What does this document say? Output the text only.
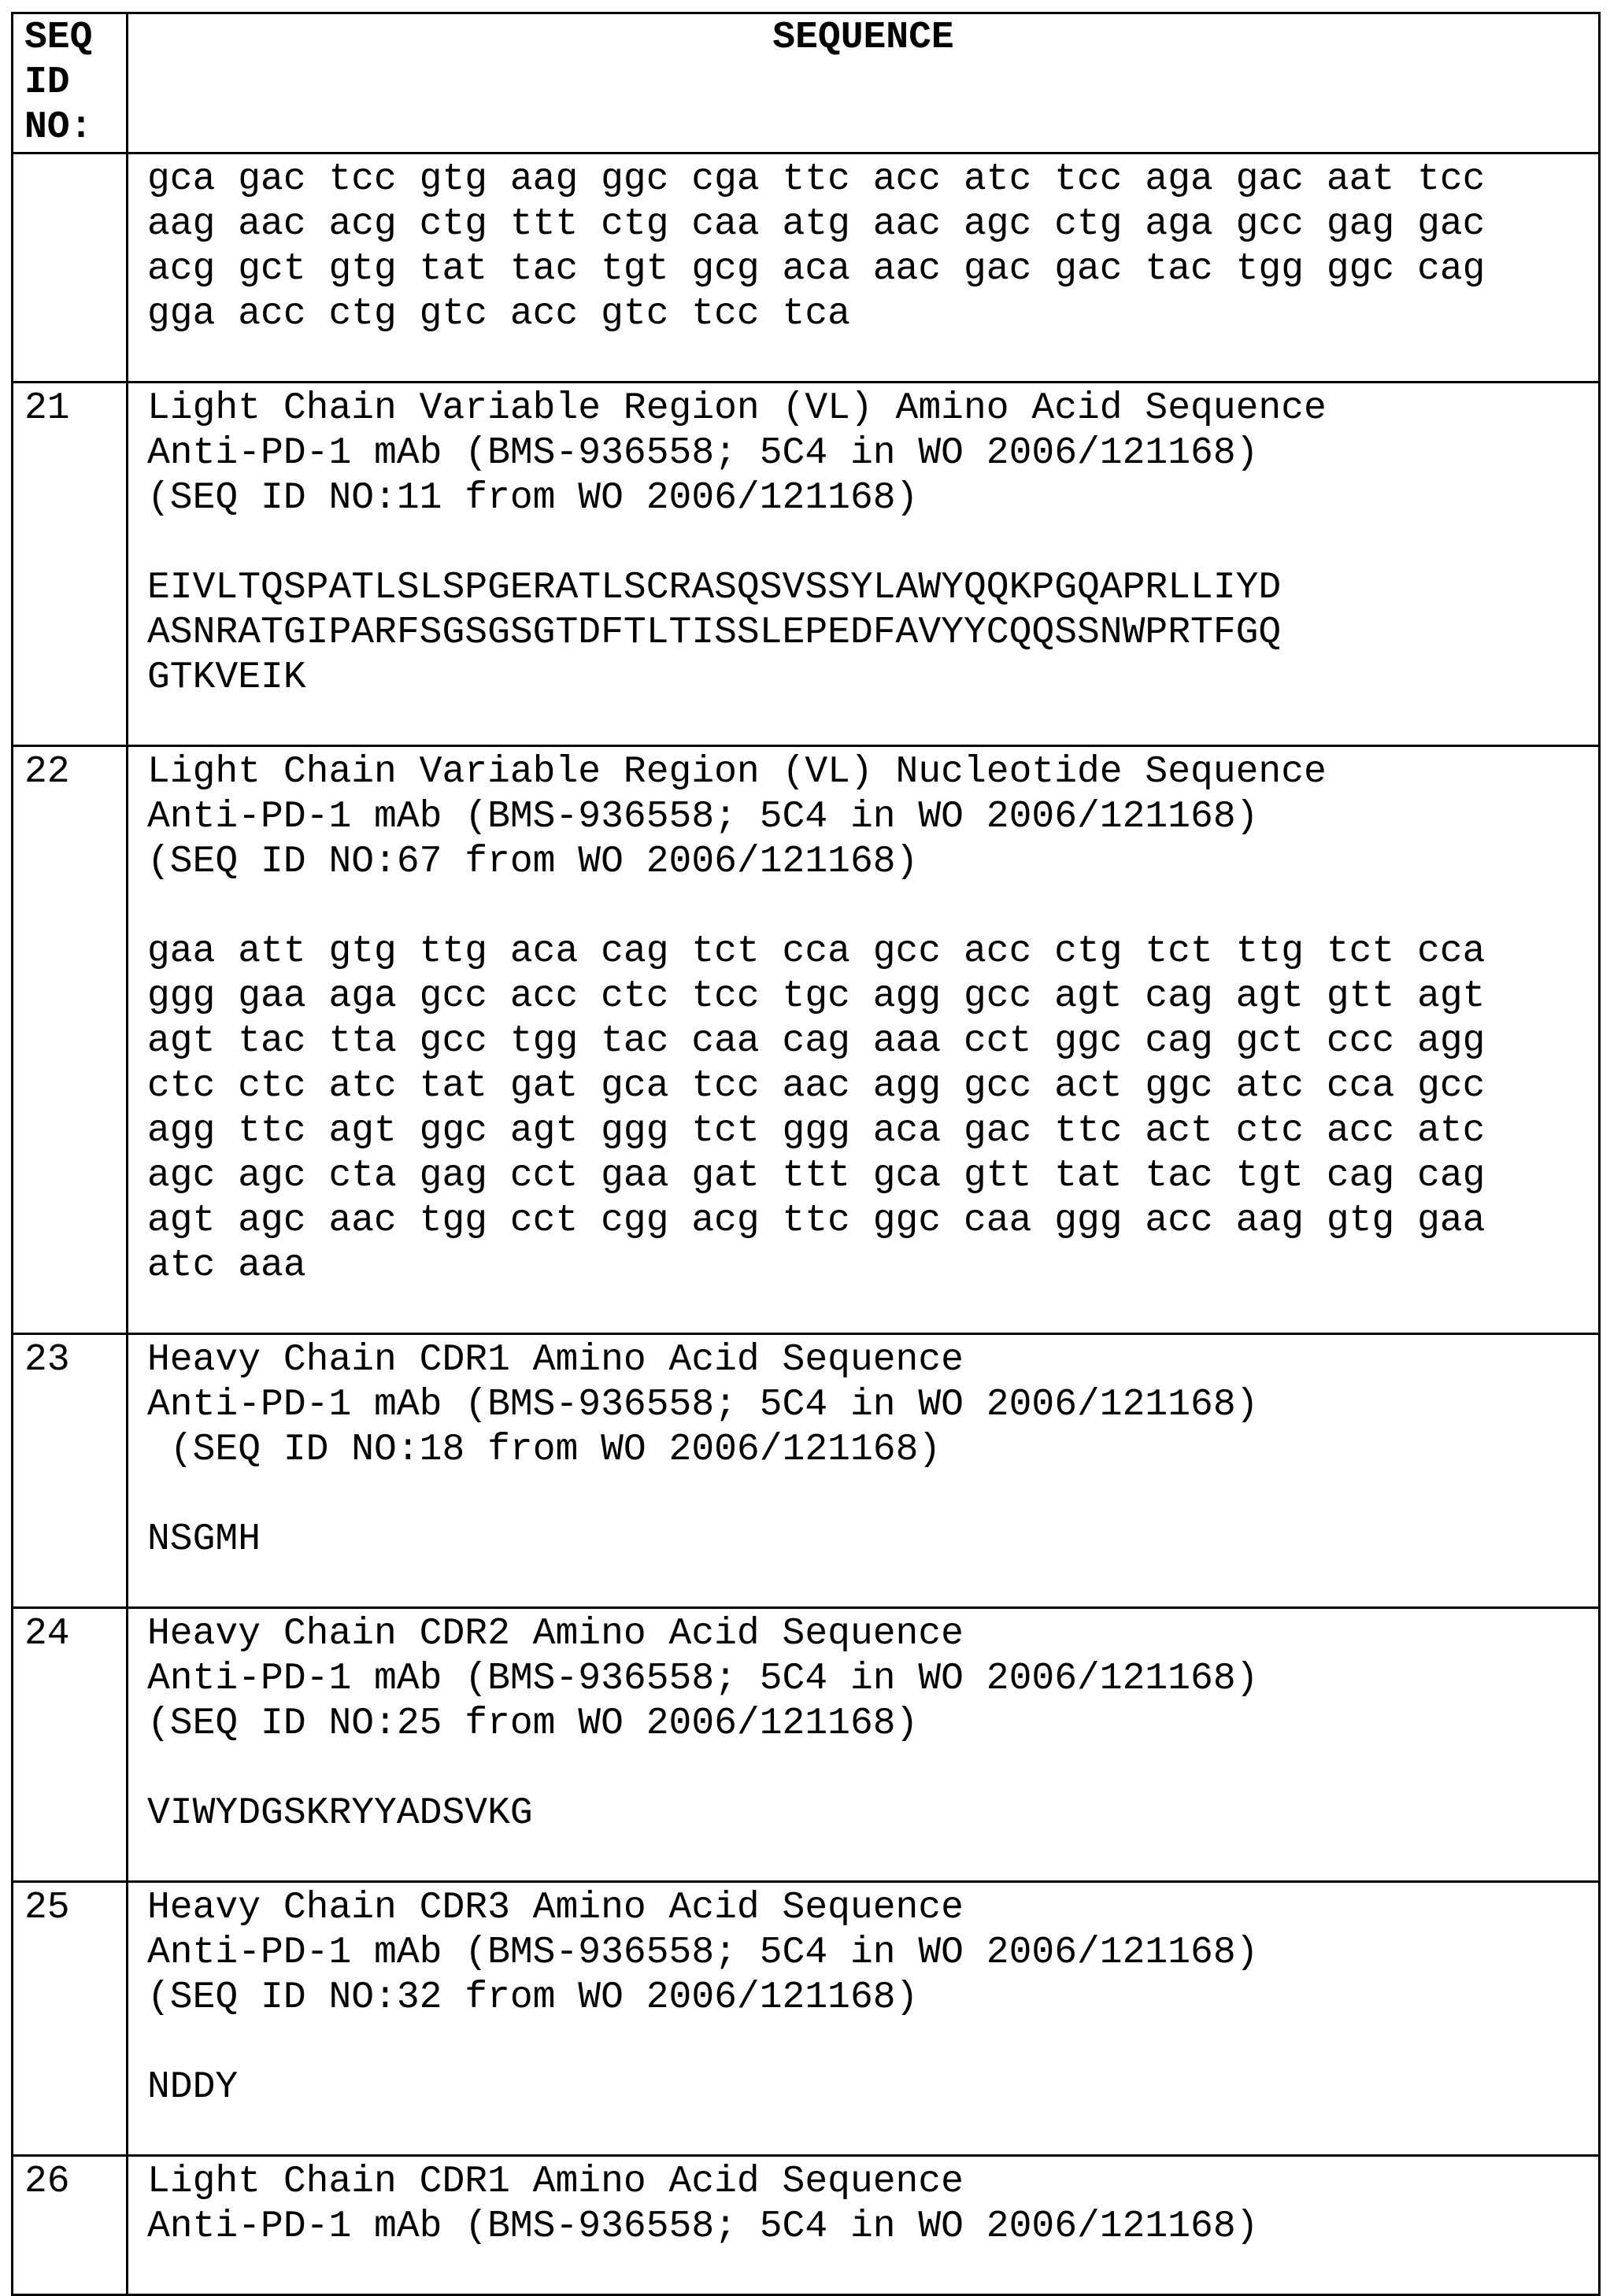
SEQ
ID
NO:	SEQUENCE
	gca gac tcc gtg aag ggc cga ttc acc atc tcc aga gac aat tcc
aag aac acg ctg ttt ctg caa atg aac agc ctg aga gcc gag gac
acg gct gtg tat tac tgt gcg aca aac gac gac tac tgg ggc cag
gga acc ctg gtc acc gtc tcc tca
21	Light Chain Variable Region (VL) Amino Acid Sequence
Anti-PD-1 mAb (BMS-936558; 5C4 in WO 2006/121168)
(SEQ ID NO:11 from WO 2006/121168)

EIVLTQSPATLSLSPGERATLSCRASQSVSSYLAWYQQKPGQAPRLLIYD
ASNRATGIPARFSGSGSGTDFTLTISSLEPEDFAVYYCQQSSNWPRTFGQ
GTKVEIK
22	Light Chain Variable Region (VL) Nucleotide Sequence
Anti-PD-1 mAb (BMS-936558; 5C4 in WO 2006/121168)
(SEQ ID NO:67 from WO 2006/121168)

gaa att gtg ttg aca cag tct cca gcc acc ctg tct ttg tct cca
ggg gaa aga gcc acc ctc tcc tgc agg gcc agt cag agt gtt agt
agt tac tta gcc tgg tac caa cag aaa cct ggc cag gct ccc agg
ctc ctc atc tat gat gca tcc aac agg gcc act ggc atc cca gcc
agg ttc agt ggc agt ggg tct ggg aca gac ttc act ctc acc atc
agc agc cta gag cct gaa gat ttt gca gtt tat tac tgt cag cag
agt agc aac tgg cct cgg acg ttc ggc caa ggg acc aag gtg gaa
atc aaa
23	Heavy Chain CDR1 Amino Acid Sequence
Anti-PD-1 mAb (BMS-936558; 5C4 in WO 2006/121168)
(SEQ ID NO:18 from WO 2006/121168)

NSGMH
24	Heavy Chain CDR2 Amino Acid Sequence
Anti-PD-1 mAb (BMS-936558; 5C4 in WO 2006/121168)
(SEQ ID NO:25 from WO 2006/121168)

VIWYDGSKRYYADSVKG
25	Heavy Chain CDR3 Amino Acid Sequence
Anti-PD-1 mAb (BMS-936558; 5C4 in WO 2006/121168)
(SEQ ID NO:32 from WO 2006/121168)

NDDY
26	Light Chain CDR1 Amino Acid Sequence
Anti-PD-1 mAb (BMS-936558; 5C4 in WO 2006/121168)
